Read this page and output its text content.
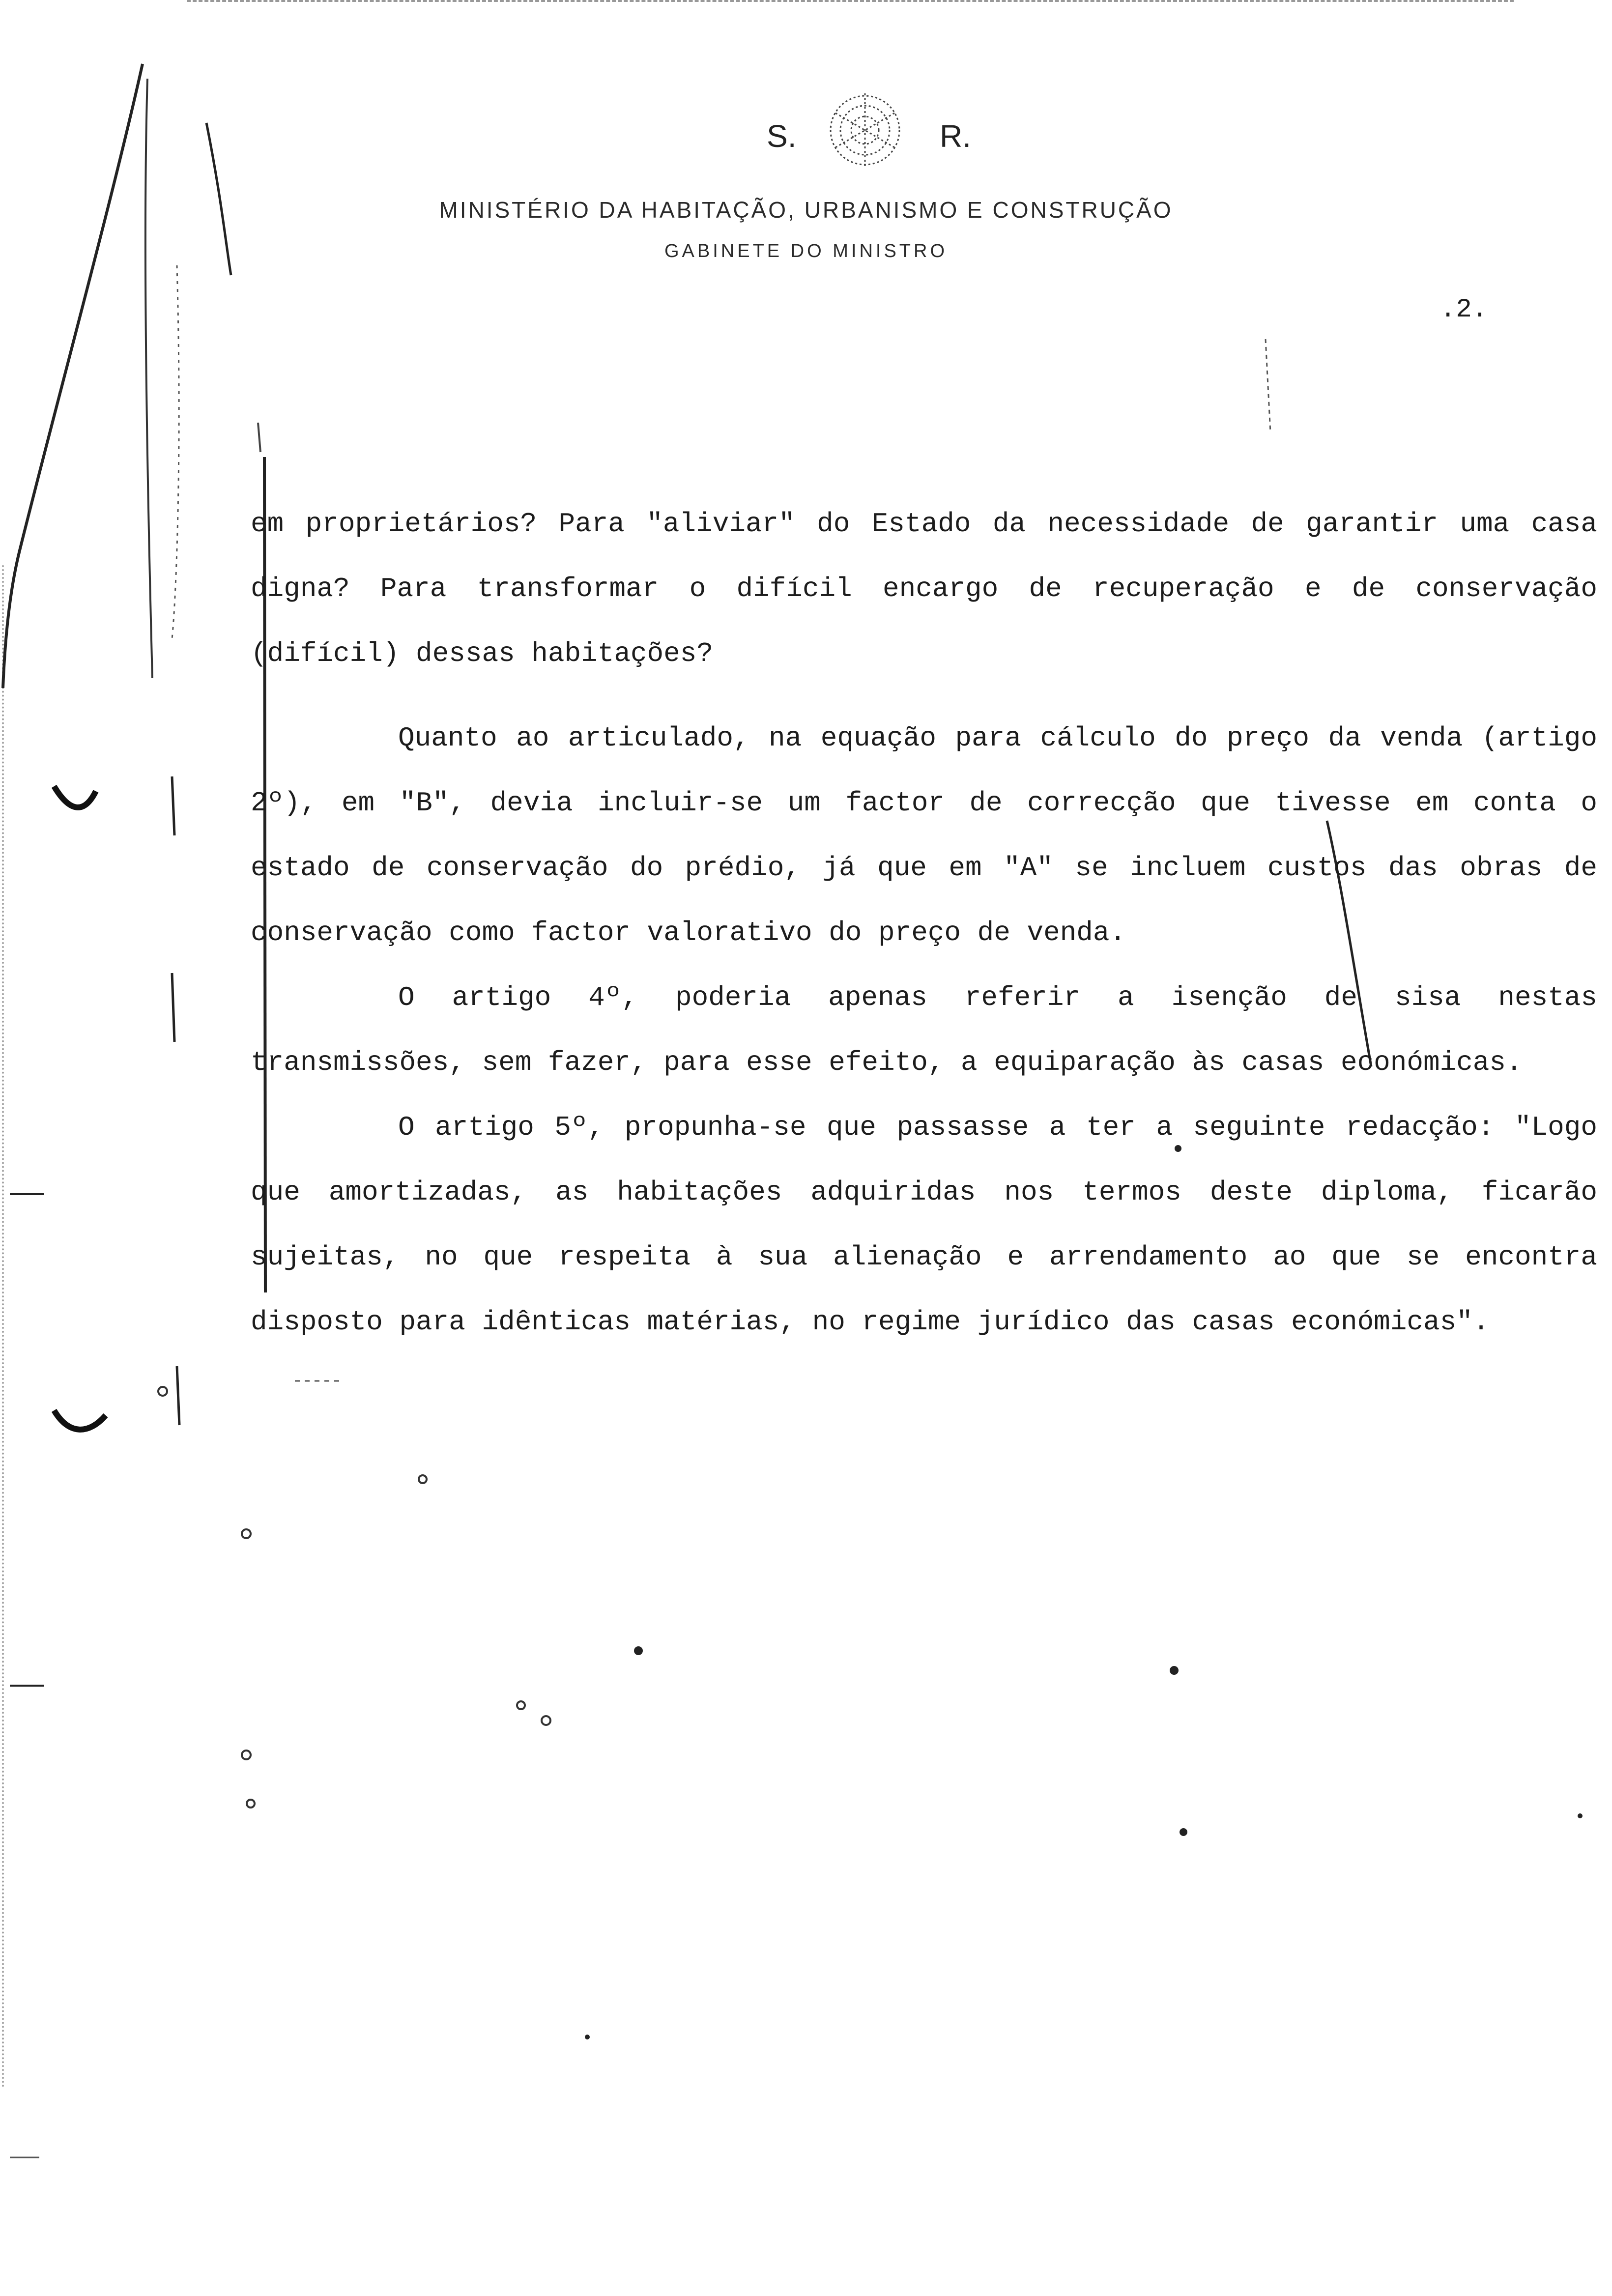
S.	R.
MINISTÉRIO DA HABITAÇÃO, URBANISMO E CONSTRUÇÃO
GABINETE DO MINISTRO
.2.

em proprietários? Para "aliviar" do Estado da necessidade de garantir uma casa digna? Para transformar o difícil encargo de recuperação e de conservação (difícil) dessas habitações?

Quanto ao articulado, na equação para cálculo do preço da venda (artigo 2º), em "B", devia incluir-se um factor de correcção que tivesse em conta o estado de conservação do prédio, já que em "A" se incluem custos das obras de conservação como factor valorativo do preço de venda.

O artigo 4º, poderia apenas referir a isenção de sisa nestas transmissões, sem fazer, para esse efeito, a equiparação às casas económicas.

O artigo 5º, propunha-se que passasse a ter a seguinte redacção: "Logo que amortizadas, as habitações adquiridas nos termos deste diploma, ficarão sujeitas, no que respeita à sua alienação e arrendamento ao que se encontra disposto para idênticas matérias, no regime jurídico das casas económicas".
